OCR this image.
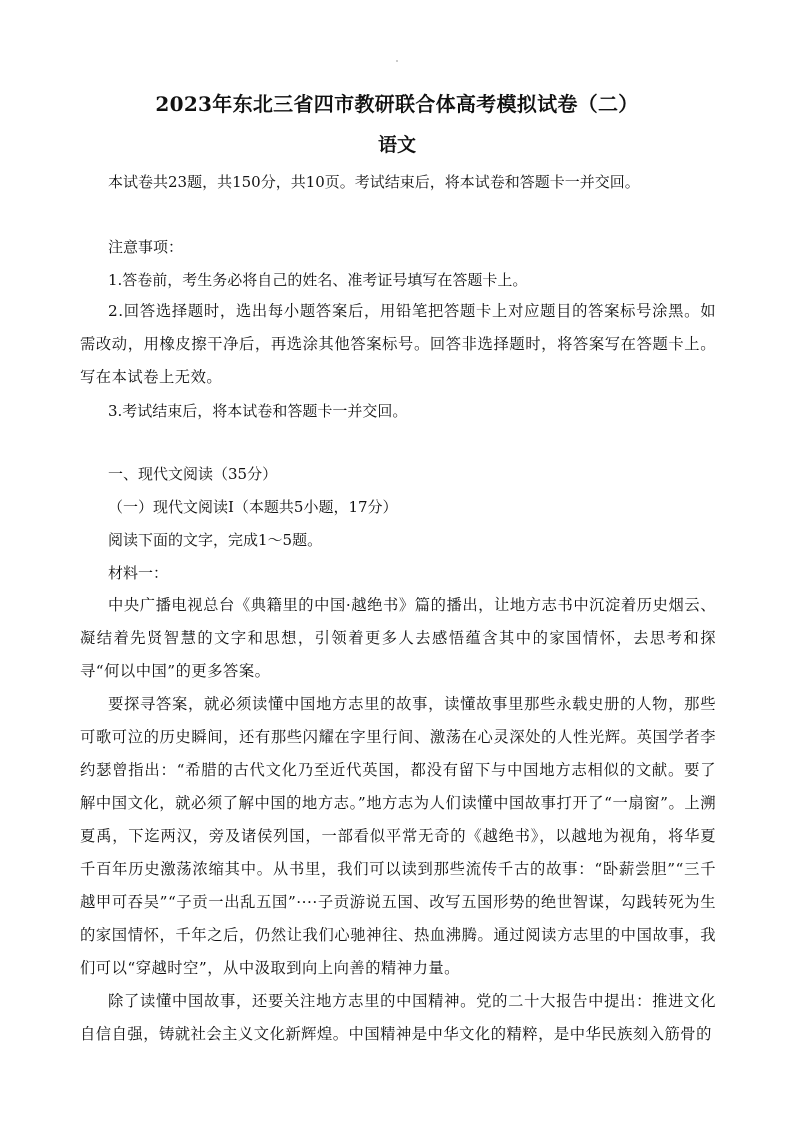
2023年东北三省四市教研联合体高考模拟试卷（二）
语文

本试卷共23题，共150分，共10页。考试结束后，将本试卷和答题卡一并交回。

注意事项：

1.答卷前，考生务必将自己的姓名、准考证号填写在答题卡上。

2.回答选择题时，选出每小题答案后，用铅笔把答题卡上对应题目的答案标号涂黑。如需改动，用橡皮擦干净后，再选涂其他答案标号。回答非选择题时，将答案写在答题卡上。写在本试卷上无效。

3.考试结束后，将本试卷和答题卡一并交回。

一、现代文阅读（35分）

（一）现代文阅读I（本题共5小题，17分）

阅读下面的文字，完成1～5题。

材料一：

中央广播电视总台《典籍里的中国·越绝书》篇的播出，让地方志书中沉淀着历史烟云、凝结着先贤智慧的文字和思想，引领着更多人去感悟蕴含其中的家国情怀，去思考和探寻“何以中国”的更多答案。

要探寻答案，就必须读懂中国地方志里的故事，读懂故事里那些永载史册的人物，那些可歌可泣的历史瞬间，还有那些闪耀在字里行间、激荡在心灵深处的人性光辉。英国学者李约瑟曾指出：“希腊的古代文化乃至近代英国，都没有留下与中国地方志相似的文献。要了解中国文化，就必须了解中国的地方志。”地方志为人们读懂中国故事打开了“一扇窗”。上溯夏禹，下迄两汉，旁及诸侯列国，一部看似平常无奇的《越绝书》，以越地为视角，将华夏千百年历史激荡浓缩其中。从书里，我们可以读到那些流传千古的故事：“卧薪尝胆”“三千越甲可吞吴”“子贡一出乱五国”····子贡游说五国、改写五国形势的绝世智谋，勾践转死为生的家国情怀，千年之后，仍然让我们心驰神往、热血沸腾。通过阅读方志里的中国故事，我们可以“穿越时空”，从中汲取到向上向善的精神力量。

除了读懂中国故事，还要关注地方志里的中国精神。党的二十大报告中提出：推进文化自信自强，铸就社会主义文化新辉煌。中国精神是中华文化的精粹，是中华民族刻入筋骨的
